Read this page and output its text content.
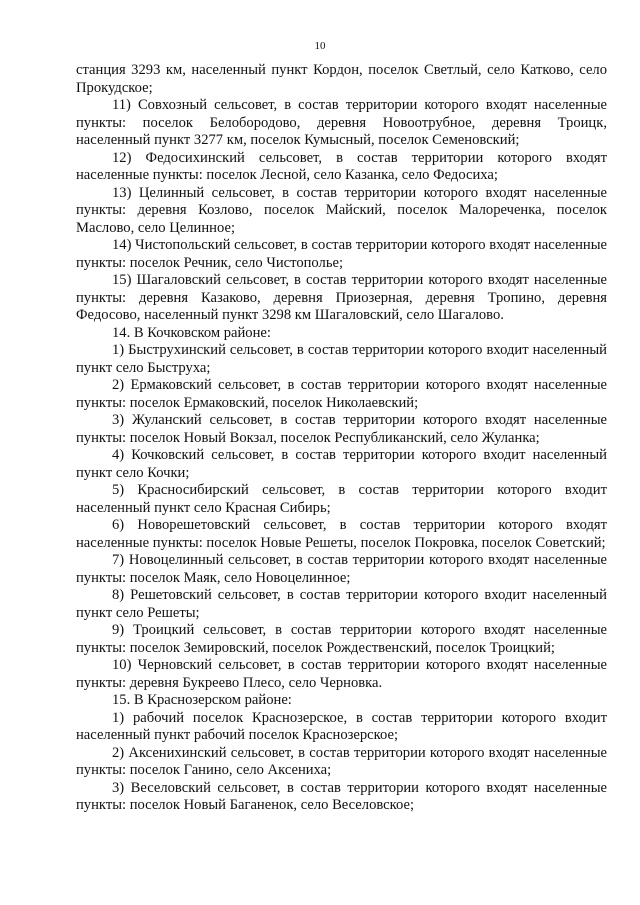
10

станция 3293 км, населенный пункт Кордон, поселок Светлый, село Катково, село Прокудское;

11) Совхозный сельсовет, в состав территории которого входят населенные пункты: поселок Белобородово, деревня Новоотрубное, деревня Троицк, населенный пункт 3277 км, поселок Кумысный, поселок Семеновский;

12) Федосихинский сельсовет, в состав территории которого входят населенные пункты: поселок Лесной, село Казанка, село Федосиха;

13) Целинный сельсовет, в состав территории которого входят населенные пункты: деревня Козлово, поселок Майский, поселок Малореченка, поселок Маслово, село Целинное;

14) Чистопольский сельсовет, в состав территории которого входят населенные пункты: поселок Речник, село Чистополье;

15) Шагаловский сельсовет, в состав территории которого входят населенные пункты: деревня Казаково, деревня Приозерная, деревня Тропино, деревня Федосово, населенный пункт 3298 км Шагаловский, село Шагалово.

14. В Кочковском районе:

1) Быструхинский сельсовет, в состав территории которого входит населенный пункт село Быструха;

2) Ермаковский сельсовет, в состав территории которого входят населенные пункты: поселок Ермаковский, поселок Николаевский;

3) Жуланский сельсовет, в состав территории которого входят населенные пункты: поселок Новый Вокзал, поселок Республиканский, село Жуланка;

4) Кочковский сельсовет, в состав территории которого входит населенный пункт село Кочки;

5) Красносибирский сельсовет, в состав территории которого входит населенный пункт село Красная Сибирь;

6) Новорешетовский сельсовет, в состав территории которого входят населенные пункты: поселок Новые Решеты, поселок Покровка, поселок Советский;

7) Новоцелинный сельсовет, в состав территории которого входят населенные пункты: поселок Маяк, село Новоцелинное;

8) Решетовский сельсовет, в состав территории которого входит населенный пункт село Решеты;

9) Троицкий сельсовет, в состав территории которого входят населенные пункты: поселок Земировский, поселок Рождественский, поселок Троицкий;

10) Черновский сельсовет, в состав территории которого входят населенные пункты: деревня Букреево Плесо, село Черновка.

15. В Краснозерском районе:

1) рабочий поселок Краснозерское, в состав территории которого входит населенный пункт рабочий поселок Краснозерское;

2) Аксенихинский сельсовет, в состав территории которого входят населенные пункты: поселок Ганино, село Аксениха;

3) Веселовский сельсовет, в состав территории которого входят населенные пункты: поселок Новый Баганенок, село Веселовское;
